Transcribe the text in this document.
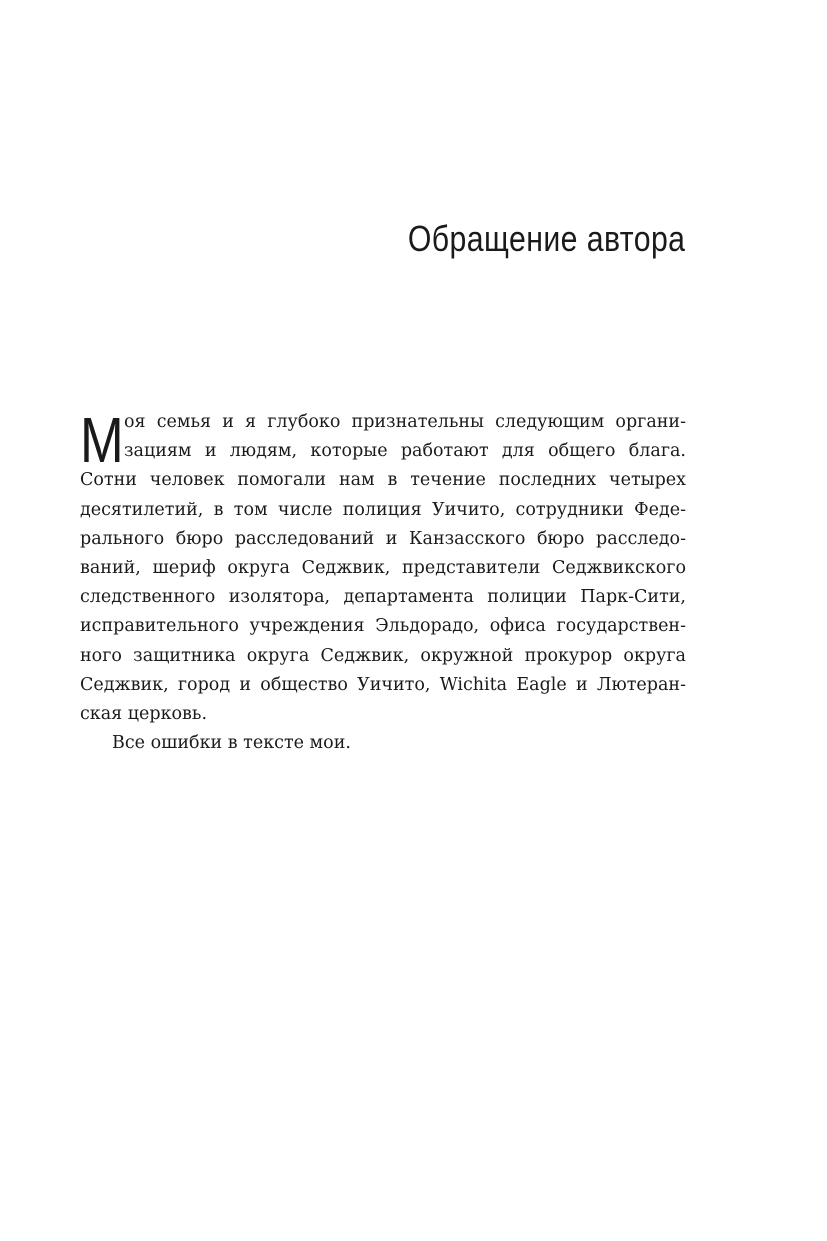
Обращение автора
М оя семья и я глубоко признательны следующим органи-
зациям и людям, которые работают для общего блага.
Сотни человек помогали нам в течение последних четырех
десятилетий, в том числе полиция Уичито, сотрудники Феде-
рального бюро расследований и Канзасского бюро расследо-
ваний, шериф округа Седжвик, представители Седжвикского
следственного изолятора, департамента полиции Парк-Сити,
исправительного учреждения Эльдорадо, офиса государствен-
ного защитника округа Седжвик, окружной прокурор округа
Седжвик, город и общество Уичито, Wichita Eagle и Лютеран-
ская церковь.
Все ошибки в тексте мои.
